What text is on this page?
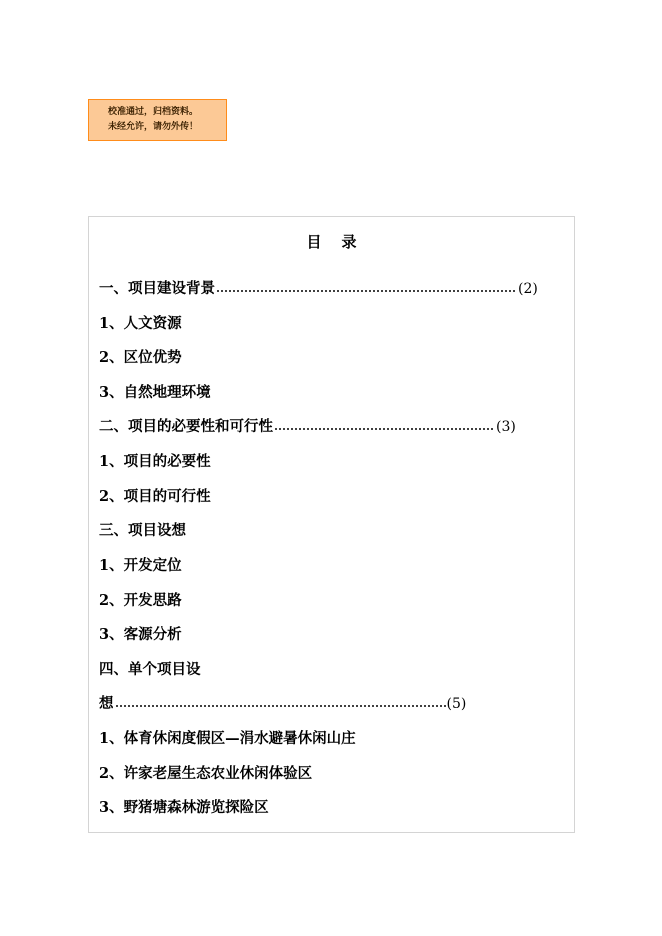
校准通过，归档资料。
未经允许，请勿外传！
目录
一、项目建设背景	(2)
1、人文资源
2、区位优势
3、自然地理环境
二、项目的必要性和可行性	(3)
1、项目的必要性
2、项目的可行性
三、项目设想
1、开发定位
2、开发思路
3、客源分析
四、单个项目设
想	(5)
1、体育休闲度假区—涓水避暑休闲山庄
2、许家老屋生态农业休闲体验区
3、野猪塘森林游览探险区
